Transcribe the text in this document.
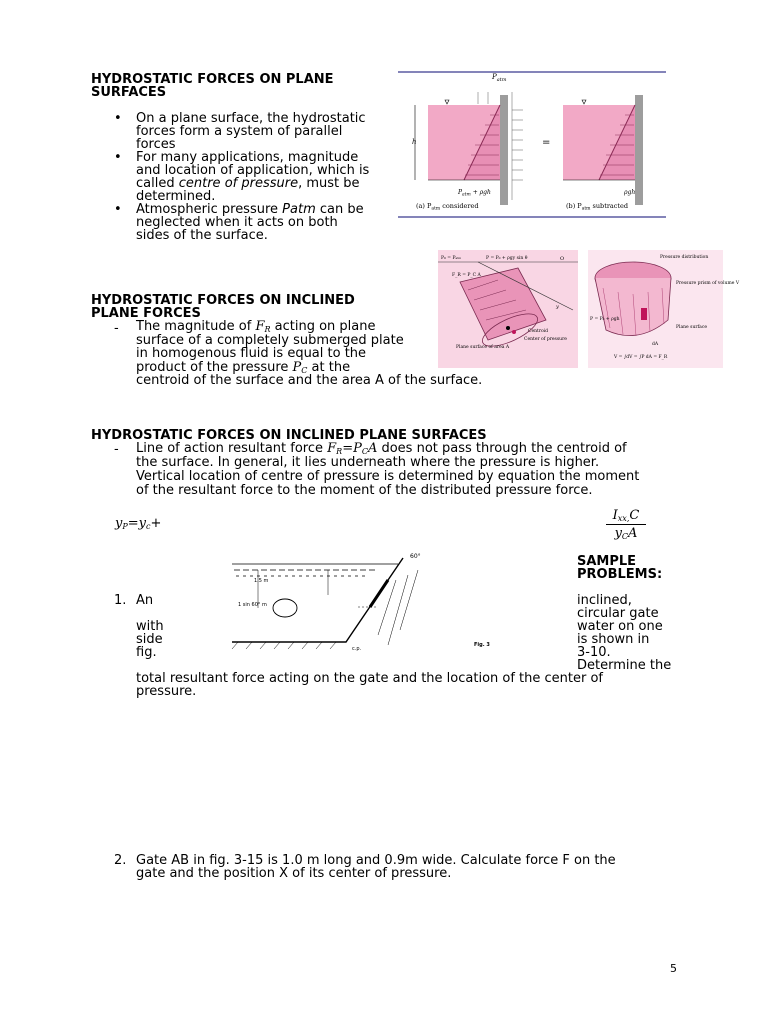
HYDROSTATIC FORCES ON PLANE
SURFACES
• On a plane surface, the hydrostatic
forces form a system of parallel
forces
• For many applications, magnitude
and location of application, which is
called centre of pressure, must be
determined.
• Atmospheric pressure Patm can be
neglected when it acts on both
sides of the surface.
h
$P_{atm}$
$P_{atm} + \rho gh$
=
ρgh
(a) $P_{atm}$ considered	(b) $P_{atm}$ subtracted
HYDROSTATIC FORCES ON INCLINED
PLANE FORCES
- The magnitude of $F_R$ acting on plane
surface of a completely submerged plate
in homogenous fluid is equal to the
product of the pressure $P_C$ at the
centroid of the surface and the area A of the surface.
P₀ = Pₐₜₘ	P = P₀ + ρgy sin θ	O
F_R = P_C A
y
Centroid
Center of pressure
Plane surface of area A
Pressure distribution
Pressure prism of volume V
Plane surface
P = P₀ + ρgh
dA
V = ∫dV = ∫P dA = F_R
HYDROSTATIC FORCES ON INCLINED PLANE SURFACES
- Line of action resultant force $F_R=P_CA$ does not pass through the centroid of
the surface. In general, it lies underneath where the pressure is higher.
Vertical location of centre of pressure is determined by equation the moment
of the resultant force to the moment of the distributed pressure force.
$y_P=y_c+$
$I_{xx,}C$
$y_CA$
SAMPLE
PROBLEMS:
1. An
with
side
fig.
inclined,
circular gate
water on one
is shown in
3-10.
Determine the
total resultant force acting on the gate and the location of the center of
pressure.
60°
1.5 m
1 sin 60° m
c.p.
Fig. 3
2. Gate AB in fig. 3-15 is 1.0 m long and 0.9m wide. Calculate force F on the
gate and the position X of its center of pressure.
5
